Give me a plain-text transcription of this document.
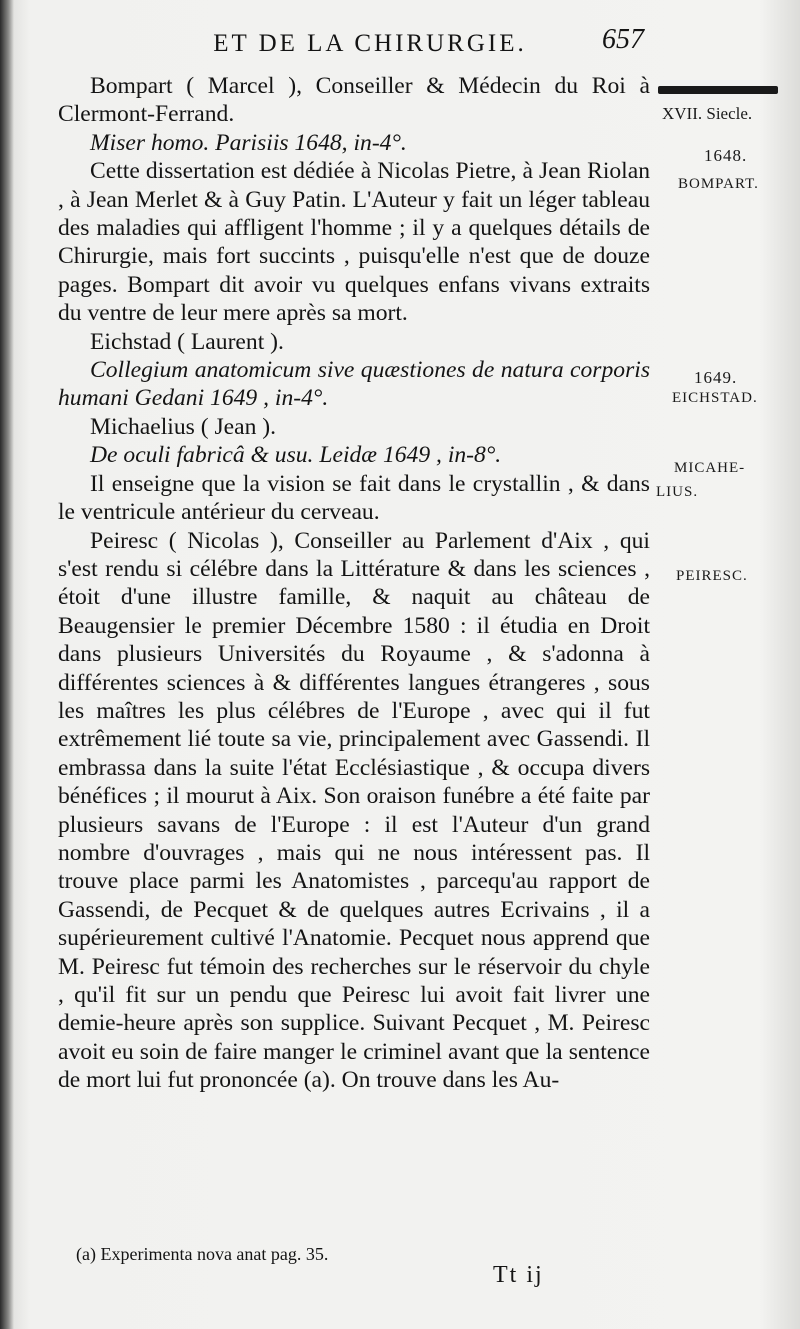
ET DE LA CHIRURGIE.	657
XVII. Siecle.
1648.
BOMPART.
1649.
EICHSTAD.
MICAHE-
LIUS.
PEIRESC.

Bompart ( Marcel ), Conseiller & Médecin du Roi à Clermont-Ferrand.

Miser homo. Parisiis 1648, in-4°.

Cette dissertation est dédiée à Nicolas Pietre, à Jean Riolan , à Jean Merlet & à Guy Patin. L'Auteur y fait un léger tableau des maladies qui affligent l'homme ; il y a quelques détails de Chirurgie, mais fort succints , puisqu'elle n'est que de douze pages. Bompart dit avoir vu quelques enfans vivans extraits du ventre de leur mere après sa mort.

Eichstad ( Laurent ).

Collegium anatomicum sive quæstiones de natura corporis humani Gedani 1649 , in-4°.

Michaelius ( Jean ).

De oculi fabricâ & usu. Leidæ 1649 , in-8°.

Il enseigne que la vision se fait dans le crystallin , & dans le ventricule antérieur du cerveau.

Peiresc ( Nicolas ), Conseiller au Parlement d'Aix , qui s'est rendu si célébre dans la Littérature & dans les sciences , étoit d'une illustre famille, & naquit au château de Beaugensier le premier Décembre 1580 : il étudia en Droit dans plusieurs Universités du Royaume , & s'adonna à différentes sciences à & différentes langues étrangeres , sous les maîtres les plus célébres de l'Europe , avec qui il fut extrêmement lié toute sa vie, principalement avec Gassendi. Il embrassa dans la suite l'état Ecclésiastique , & occupa divers bénéfices ; il mourut à Aix. Son oraison funébre a été faite par plusieurs savans de l'Europe : il est l'Auteur d'un grand nombre d'ouvrages , mais qui ne nous intéressent pas. Il trouve place parmi les Anatomistes , parcequ'au rapport de Gassendi, de Pecquet & de quelques autres Ecrivains , il a supérieurement cultivé l'Anatomie. Pecquet nous apprend que M. Peiresc fut témoin des recherches sur le réservoir du chyle , qu'il fit sur un pendu que Peiresc lui avoit fait livrer une demie-heure après son supplice. Suivant Pecquet , M. Peiresc avoit eu soin de faire manger le criminel avant que la sentence de mort lui fut prononcée (a). On trouve dans les Au-

(a) Experimenta nova anat pag. 35.
Tt ij
